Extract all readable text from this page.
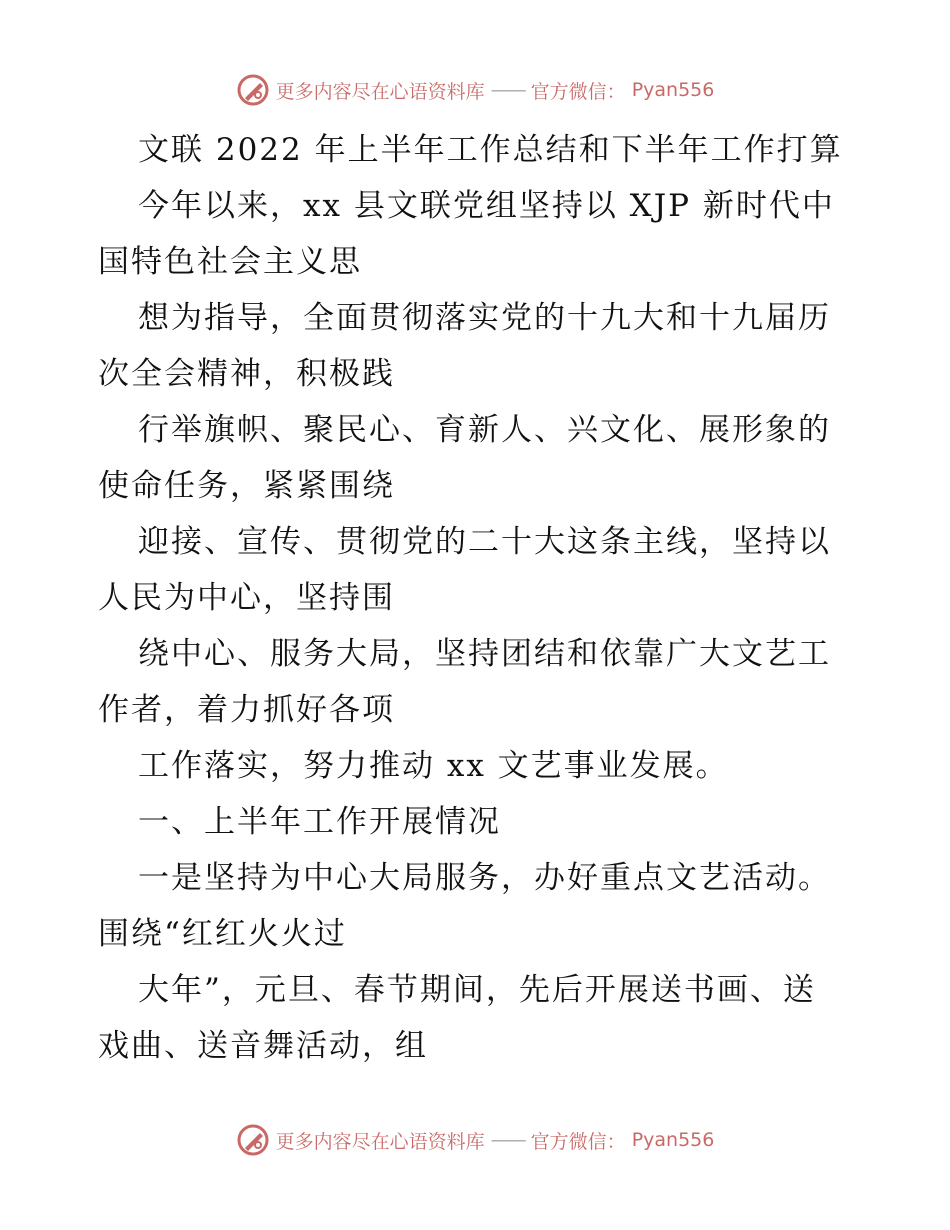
更多内容尽在心语资料库 —— 官方微信： Pyan556

文联 2022 年上半年工作总结和下半年工作打算

今年以来，xx 县文联党组坚持以 XJP 新时代中

国特色社会主义思

想为指导，全面贯彻落实党的十九大和十九届历

次全会精神，积极践

行举旗帜、聚民心、育新人、兴文化、展形象的

使命任务，紧紧围绕

迎接、宣传、贯彻党的二十大这条主线，坚持以

人民为中心，坚持围

绕中心、服务大局，坚持团结和依靠广大文艺工

作者，着力抓好各项

工作落实，努力推动 xx 文艺事业发展。

一、上半年工作开展情况

一是坚持为中心大局服务，办好重点文艺活动。

围绕“红红火火过

大年”，元旦、春节期间，先后开展送书画、送

戏曲、送音舞活动，组

更多内容尽在心语资料库 —— 官方微信： Pyan556
